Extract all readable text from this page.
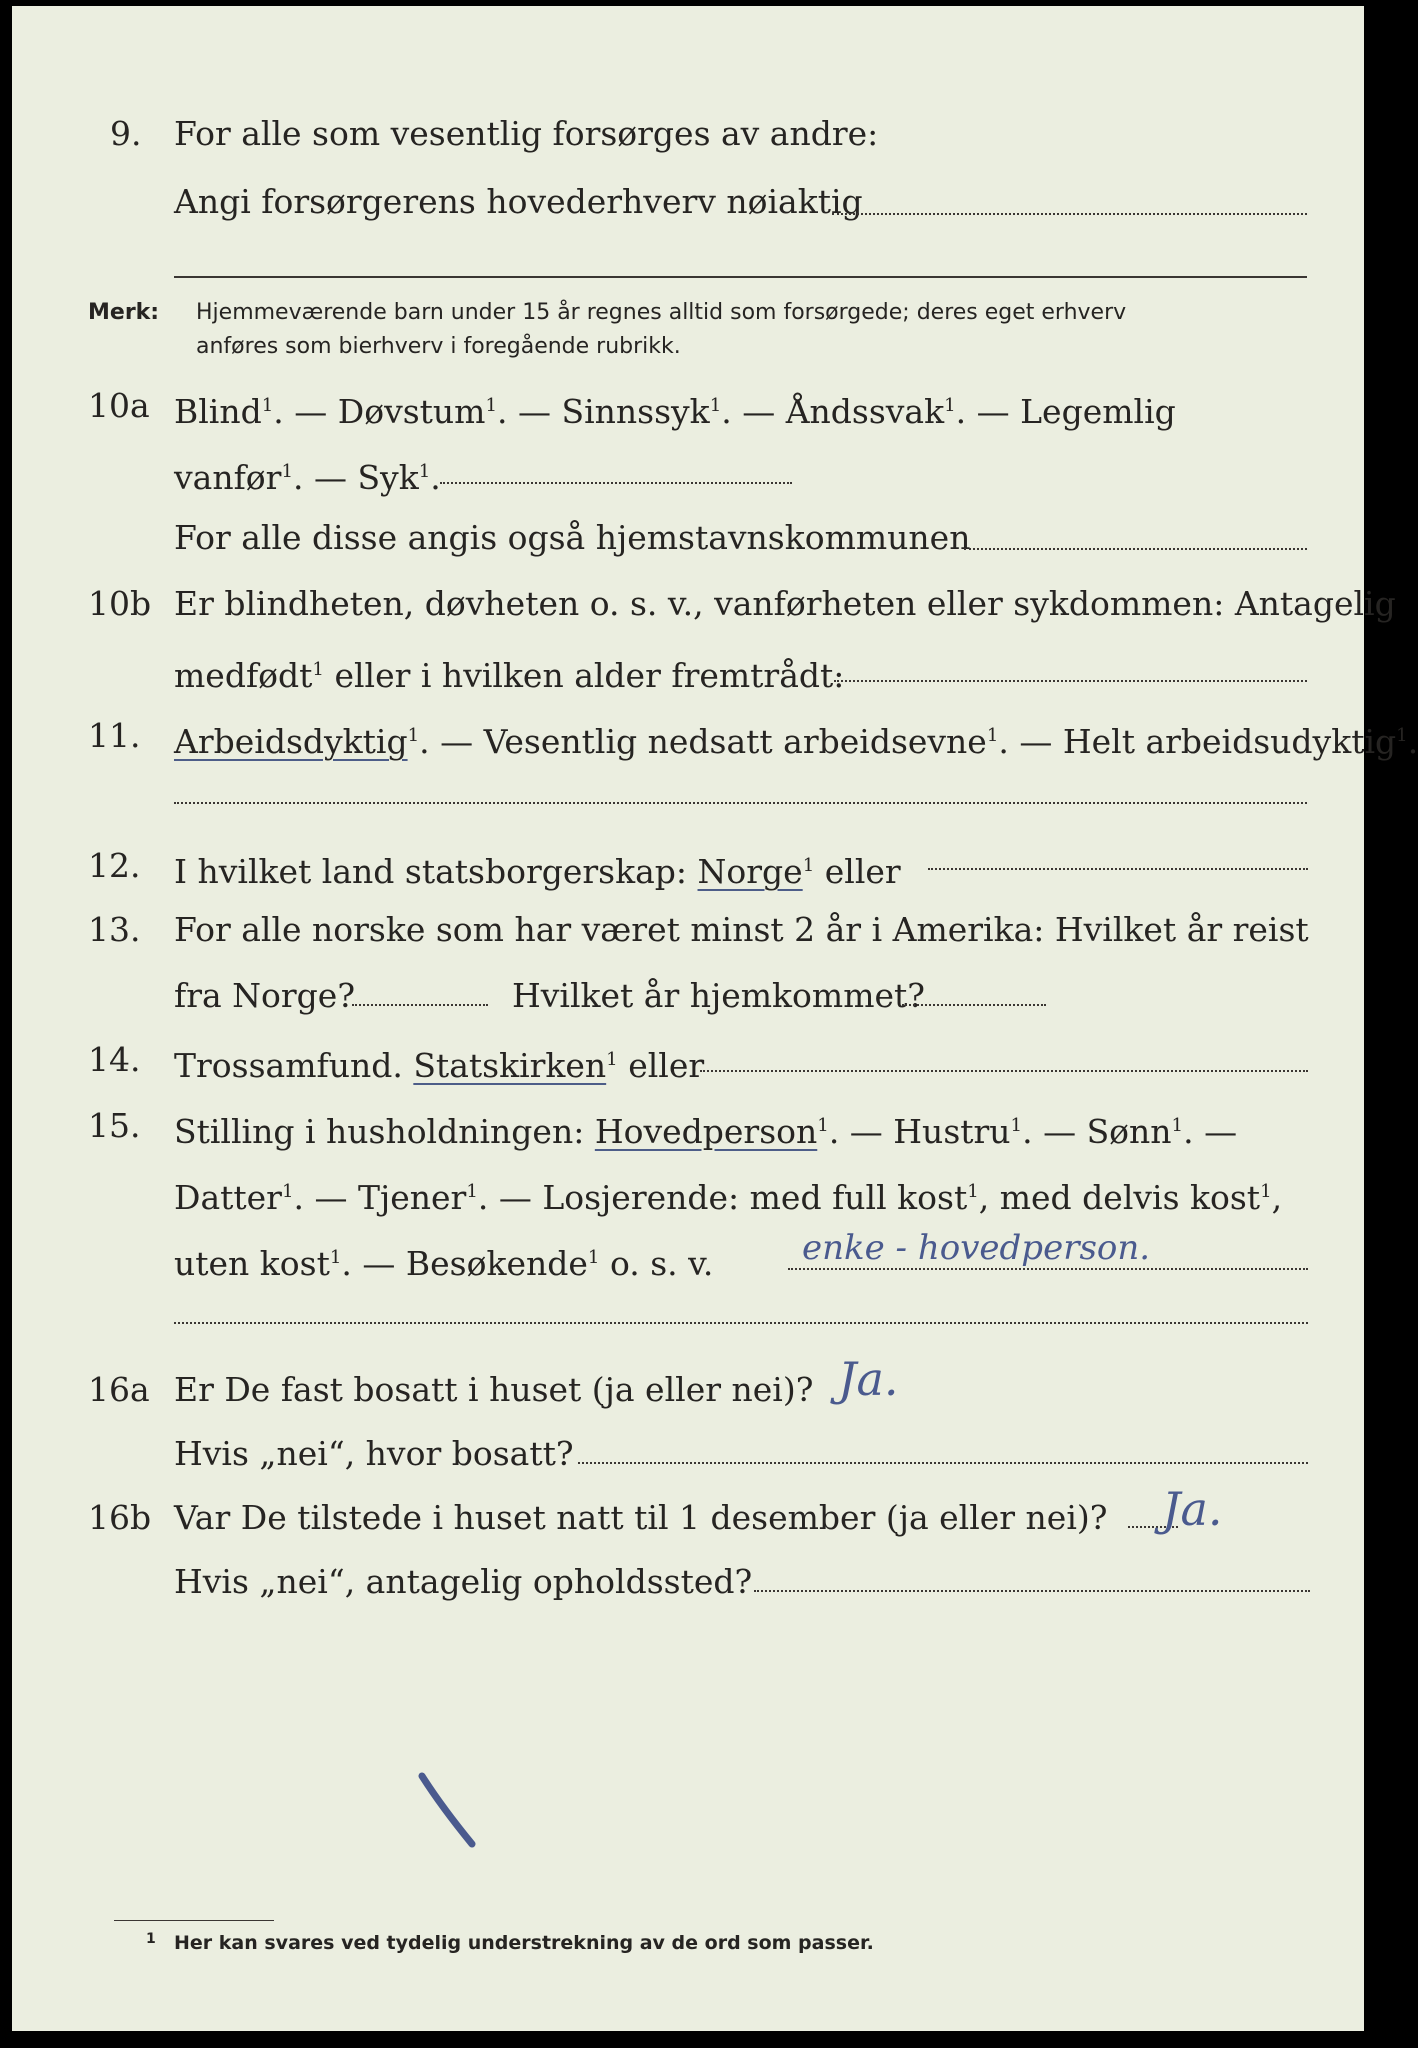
9. For alle som vesentlig forsørges av andre:
Angi forsørgerens hovederhverv nøiaktig
Merk: Hjemmeværende barn under 15 år regnes alltid som forsørgede; deres eget erhverv
anføres som bierhverv i foregående rubrikk.
10a Blind$^1$. — Døvstum$^1$. — Sinnssyk$^1$. — Åndssvak$^1$. — Legemlig
vanfør$^1$. — Syk$^1$.
For alle disse angis også hjemstavnskommunen
10b Er blindheten, døvheten o. s. v., vanførheten eller sykdommen: Antagelig
medfødt$^1$ eller i hvilken alder fremtrådt:
11. Arbeidsdyktig$^1$. — Vesentlig nedsatt arbeidsevne$^1$. — Helt arbeidsudyktig$^1$.
12. I hvilket land statsborgerskap: Norge$^1$ eller
13. For alle norske som har været minst 2 år i Amerika: Hvilket år reist
fra Norge?	Hvilket år hjemkommet?
14. Trossamfund. Statskirken$^1$ eller
15. Stilling i husholdningen: Hovedperson$^1$. — Hustru$^1$. — Sønn$^1$. —
Datter$^1$. — Tjener$^1$. — Losjerende: med full kost$^1$, med delvis kost$^1$,
uten kost$^1$. — Besøkende$^1$ o. s. v.	enke - hovedperson.
16a Er De fast bosatt i huset (ja eller nei)? Ja.
Hvis „nei“, hvor bosatt?
16b Var De tilstede i huset natt til 1 desember (ja eller nei)? Ja.
Hvis „nei“, antagelig opholdssted?
1 Her kan svares ved tydelig understrekning av de ord som passer.
